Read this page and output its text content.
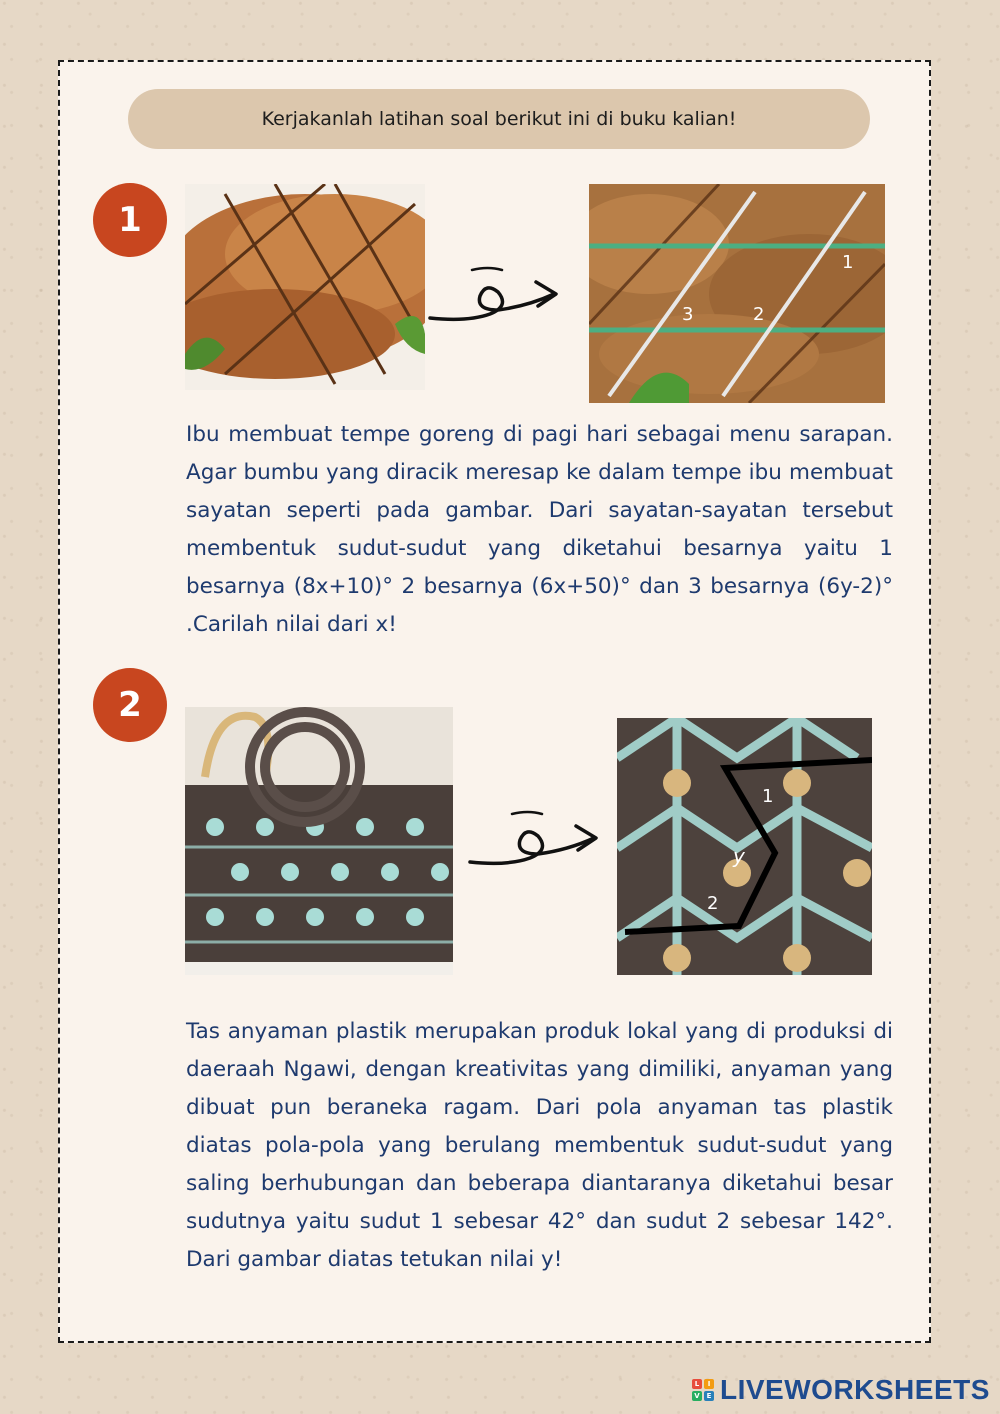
Kerjakanlah latihan soal berikut ini di buku kalian!
1
1
2
3

Ibu membuat tempe goreng di pagi hari sebagai menu sarapan. Agar bumbu yang diracik meresap ke dalam tempe ibu membuat sayatan seperti pada gambar. Dari sayatan-sayatan tersebut membentuk sudut-sudut yang diketahui besarnya yaitu 1 besarnya (8x+10)° 2 besarnya (6x+50)° dan 3 besarnya (6y-2)° .Carilah nilai dari x!

2
1
y
2

Tas anyaman plastik merupakan produk lokal yang di produksi di daeraah Ngawi, dengan kreativitas yang dimiliki, anyaman yang dibuat pun beraneka ragam. Dari pola anyaman tas plastik diatas pola-pola yang berulang membentuk sudut-sudut yang saling berhubungan dan beberapa diantaranya diketahui besar sudutnya yaitu sudut 1 sebesar 42° dan sudut 2 sebesar 142°. Dari gambar diatas tetukan nilai y!

L	I
V E LIVEWORKSHEETS
